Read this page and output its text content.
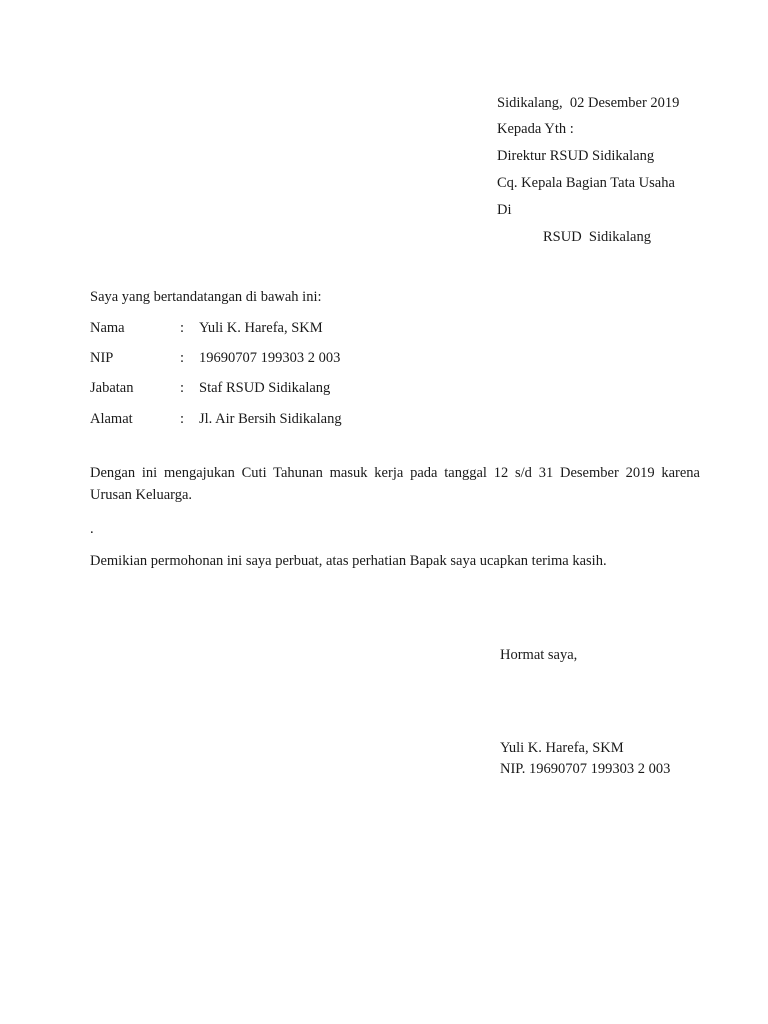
Sidikalang,  02 Desember 2019
Kepada Yth :
Direktur RSUD Sidikalang
Cq. Kepala Bagian Tata Usaha
Di
RSUD  Sidikalang
Saya yang bertandatangan di bawah ini:
Nama	: Yuli K. Harefa, SKM
NIP	: 19690707 199303 2 003
Jabatan	: Staf RSUD Sidikalang
Alamat	: Jl. Air Bersih Sidikalang
Dengan ini mengajukan Cuti Tahunan masuk kerja pada tanggal 12 s/d 31 Desember 2019 karena Urusan Keluarga.
.
Demikian permohonan ini saya perbuat, atas perhatian Bapak saya ucapkan terima kasih.
Hormat saya,
Yuli K. Harefa, SKM
NIP. 19690707 199303 2 003
